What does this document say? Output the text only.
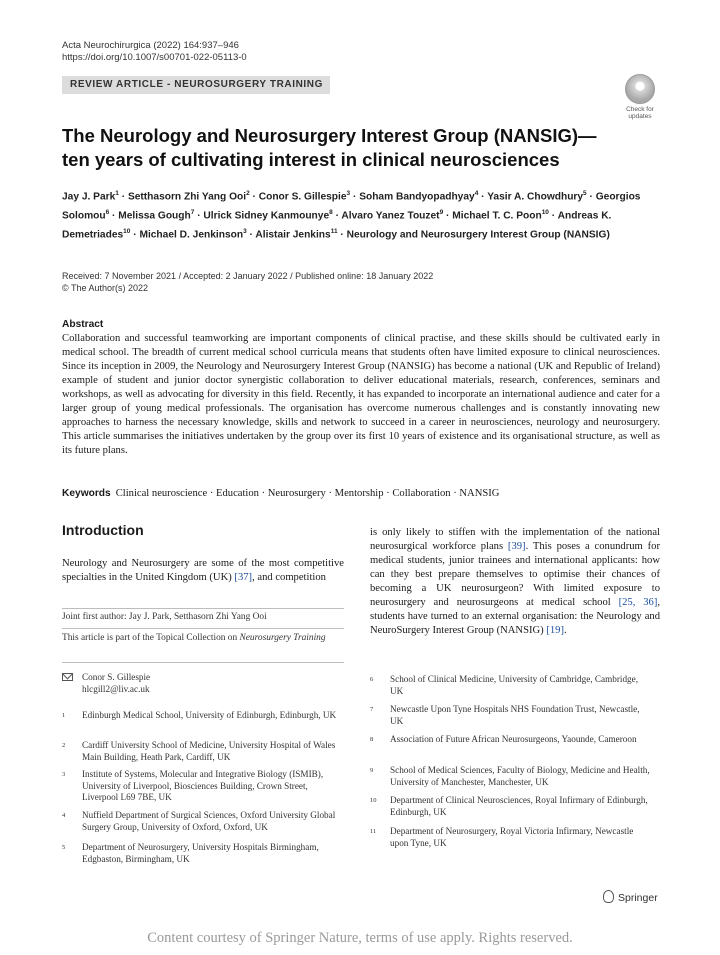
Acta Neurochirurgica (2022) 164:937–946
https://doi.org/10.1007/s00701-022-05113-0
REVIEW ARTICLE - NEUROSURGERY TRAINING
Check for
updates
The Neurology and Neurosurgery Interest Group (NANSIG)—ten years of cultivating interest in clinical neurosciences
Jay J. Park$^1$ · Setthasorn Zhi Yang Ooi$^2$ · Conor S. Gillespie$^3$ · Soham Bandyopadhyay$^4$ · Yasir A. Chowdhury$^5$ · Georgios Solomou$^6$ · Melissa Gough$^7$ · Ulrick Sidney Kanmounye$^8$ · Alvaro Yanez Touzet$^9$ · Michael T. C. Poon$^{10}$ · Andreas K. Demetriades$^{10}$ · Michael D. Jenkinson$^3$ · Alistair Jenkins$^{11}$ · Neurology and Neurosurgery Interest Group (NANSIG)
Received: 7 November 2021 / Accepted: 2 January 2022 / Published online: 18 January 2022
© The Author(s) 2022
Abstract
Collaboration and successful teamworking are important components of clinical practise, and these skills should be cultivated early in medical school. The breadth of current medical school curricula means that students often have limited exposure to clinical neurosciences. Since its inception in 2009, the Neurology and Neurosurgery Interest Group (NANSIG) has become a national (UK and Republic of Ireland) example of student and junior doctor synergistic collaboration to deliver educational materials, research, conferences, seminars and workshops, as well as advocating for diversity in this field. Recently, it has expanded to incorporate an international audience and cater for a larger group of young medical professionals. The organisation has overcome numerous challenges and is constantly innovating new approaches to harness the necessary knowledge, skills and network to succeed in a career in neurosciences, neurology and neurosurgery. This article summarises the initiatives undertaken by the group over its first 10 years of existence and its organisational structure, as well as its future plans.
Keywords Clinical neuroscience · Education · Neurosurgery · Mentorship · Collaboration · NANSIG
Introduction

Neurology and Neurosurgery are some of the most competitive specialties in the United Kingdom (UK) [37], and competition

is only likely to stiffen with the implementation of the national neurosurgical workforce plans [39]. This poses a conundrum for medical students, junior trainees and international applicants: how can they best prepare themselves to optimise their chances of becoming a UK neurosurgeon? With limited exposure to neurosurgery and neurosurgeons at medical school [25, 36], students have turned to an external organisation: the Neurology and NeuroSurgery Interest Group (NANSIG) [19].

Joint first author: Jay J. Park, Setthasorn Zhi Yang Ooi
This article is part of the Topical Collection on Neurosurgery Training
Conor S. Gillespie
hlcgill2@liv.ac.uk
1 Edinburgh Medical School, University of Edinburgh, Edinburgh, UK
2 Cardiff University School of Medicine, University Hospital of Wales Main Building, Heath Park, Cardiff, UK
3 Institute of Systems, Molecular and Integrative Biology (ISMIB), University of Liverpool, Biosciences Building, Crown Street, Liverpool L69 7BE, UK
4 Nuffield Department of Surgical Sciences, Oxford University Global Surgery Group, University of Oxford, Oxford, UK
5 Department of Neurosurgery, University Hospitals Birmingham, Edgbaston, Birmingham, UK
6 School of Clinical Medicine, University of Cambridge, Cambridge, UK
7 Newcastle Upon Tyne Hospitals NHS Foundation Trust, Newcastle, UK
8 Association of Future African Neurosurgeons, Yaounde, Cameroon
9 School of Medical Sciences, Faculty of Biology, Medicine and Health, University of Manchester, Manchester, UK
10 Department of Clinical Neurosciences, Royal Infirmary of Edinburgh, Edinburgh, UK
11 Department of Neurosurgery, Royal Victoria Infirmary, Newcastle upon Tyne, UK
Springer
Content courtesy of Springer Nature, terms of use apply. Rights reserved.
